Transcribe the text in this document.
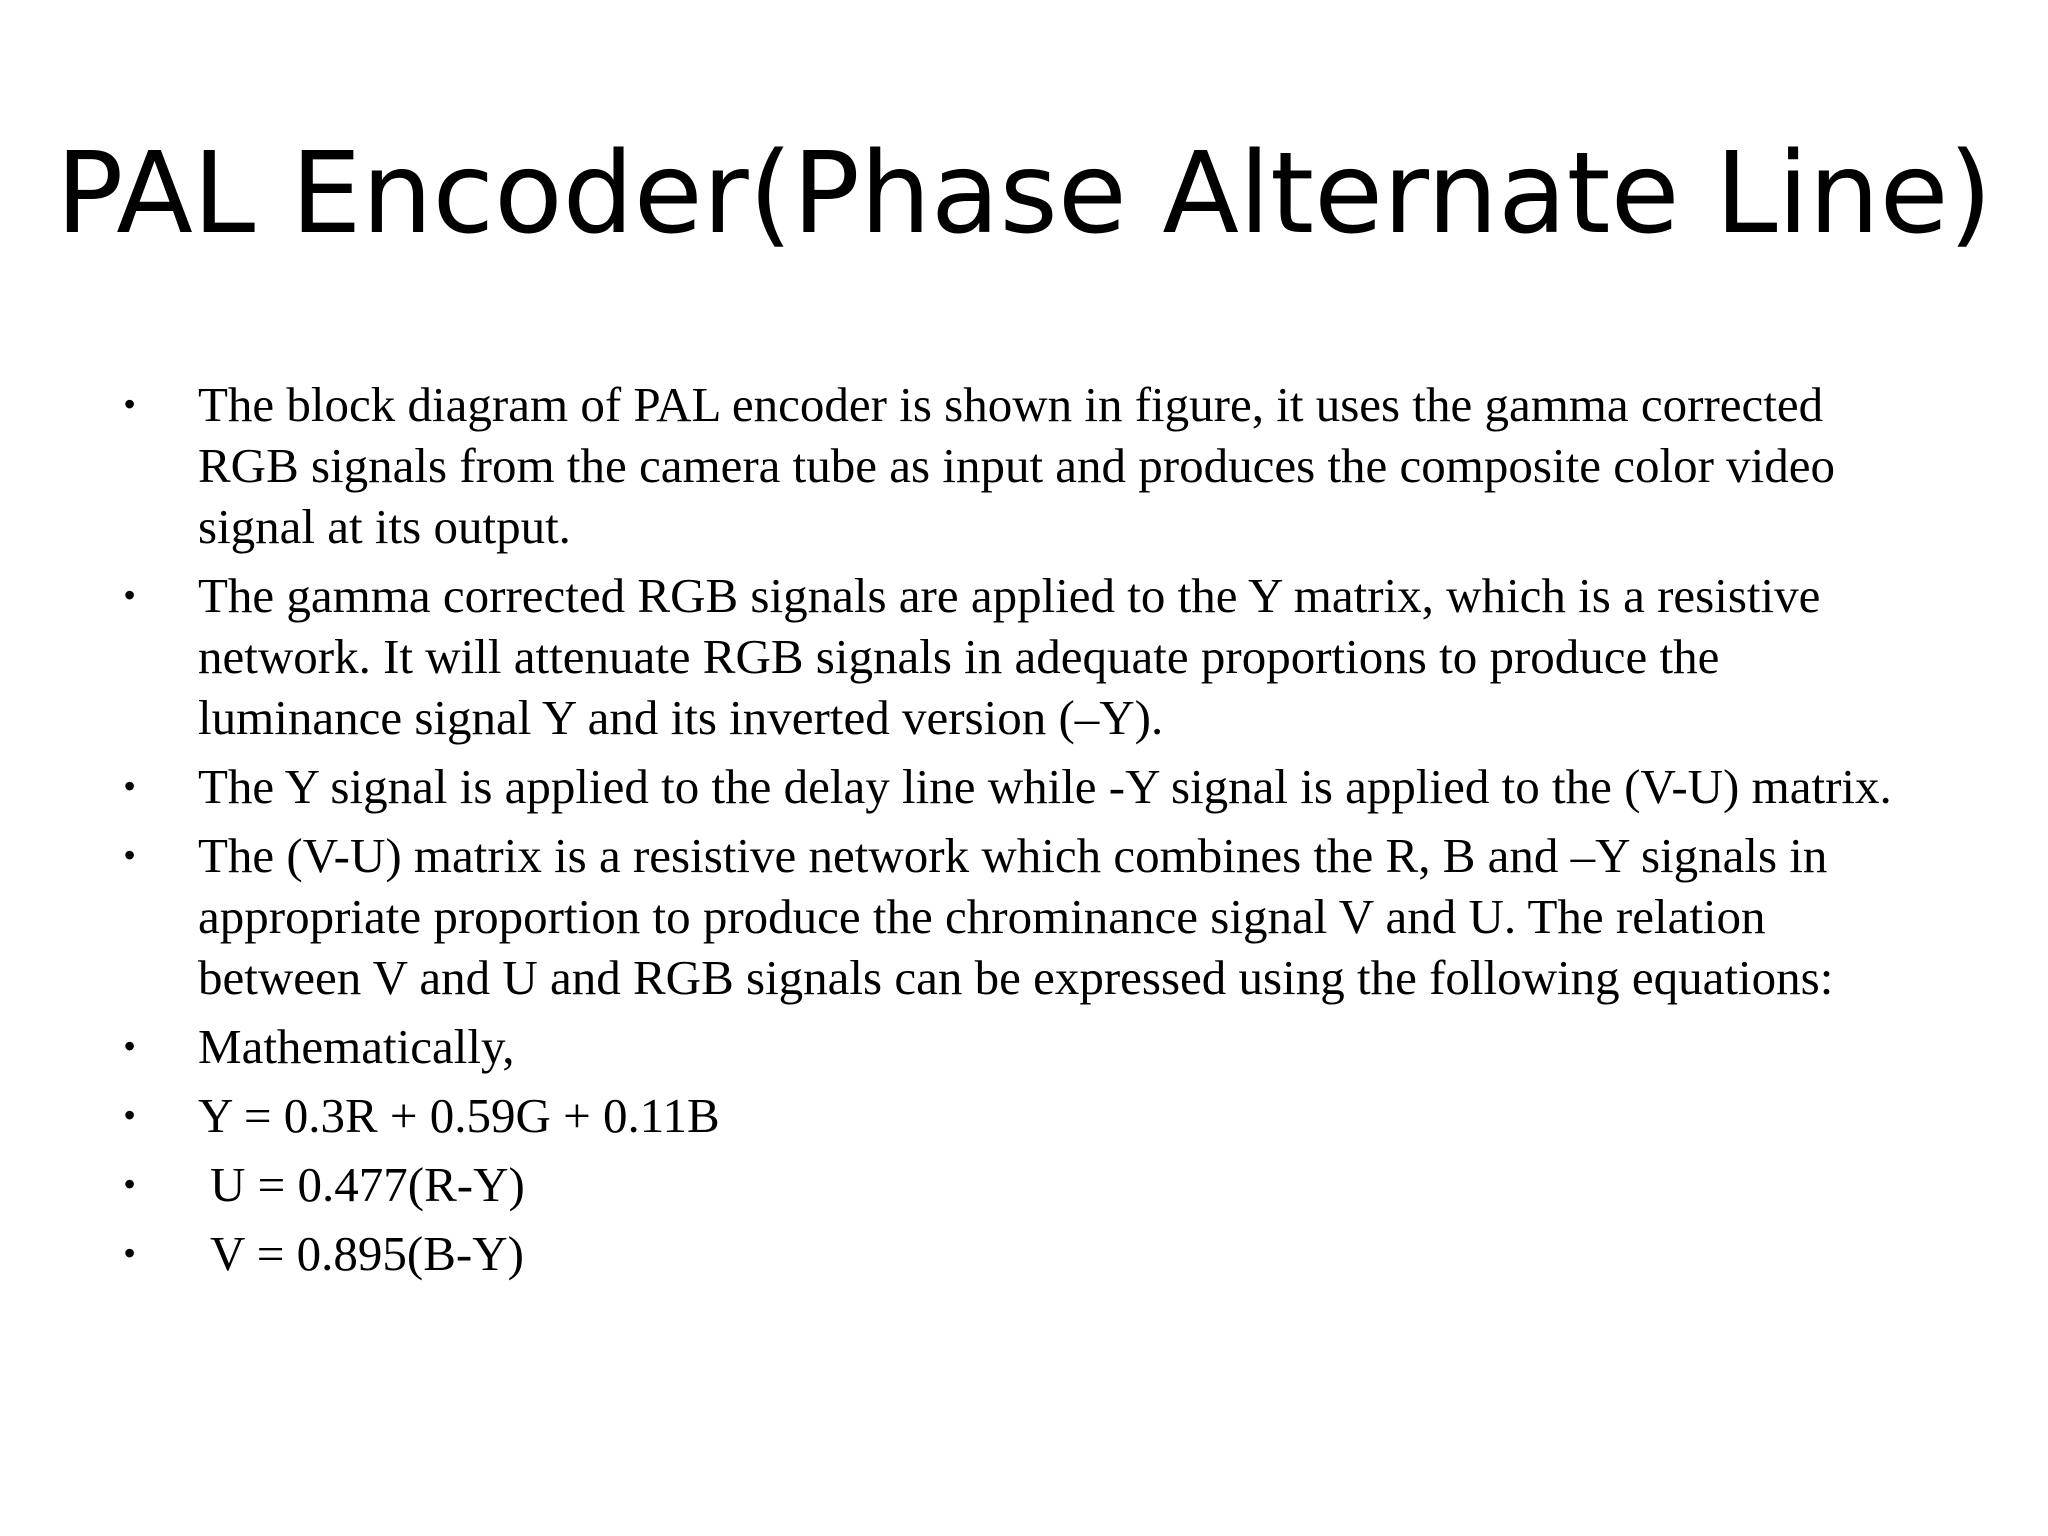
PAL Encoder(Phase Alternate Line)
• The block diagram of PAL encoder is shown in figure, it uses the gamma corrected RGB signals from the camera tube as input and produces the composite color video signal at its output.
• The gamma corrected RGB signals are applied to the Y matrix, which is a resistive network. It will attenuate RGB signals in adequate proportions to produce the luminance signal Y and its inverted version (–Y).
• The Y signal is applied to the delay line while -Y signal is applied to the (V-U) matrix.
• The (V-U) matrix is a resistive network which combines the R, B and –Y signals in appropriate proportion to produce the chrominance signal V and U. The relation between V and U and RGB signals can be expressed using the following equations:
• Mathematically,
• Y = 0.3R + 0.59G + 0.11B
• U = 0.477(R-Y)
• V = 0.895(B-Y)
